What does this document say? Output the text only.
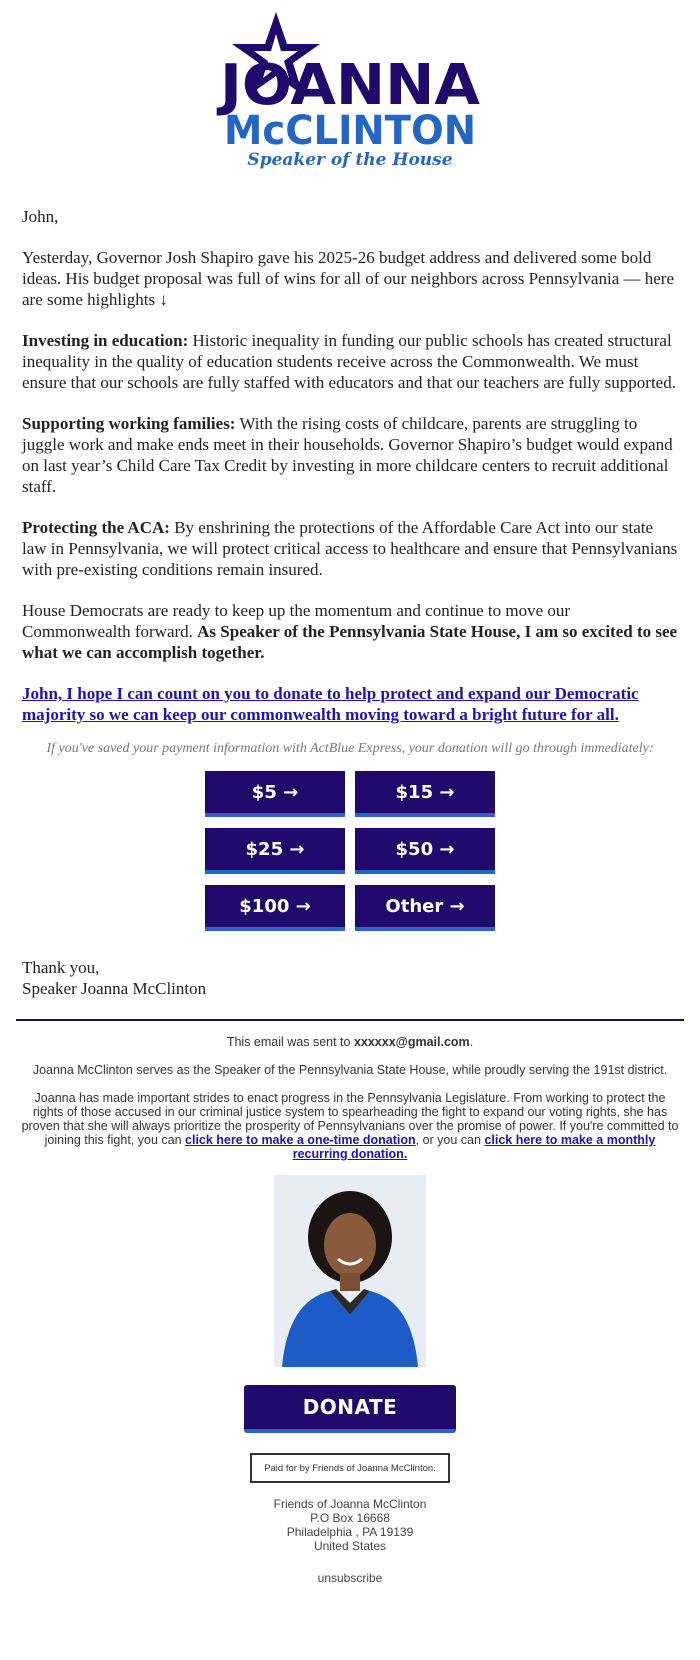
JOANNA
McCLINTON
Speaker of the House

John,

Yesterday, Governor Josh Shapiro gave his 2025-26 budget address and delivered some bold ideas. His budget proposal was full of wins for all of our neighbors across Pennsylvania — here are some highlights ↓

Investing in education: Historic inequality in funding our public schools has created structural inequality in the quality of education students receive across the Commonwealth. We must ensure that our schools are fully staffed with educators and that our teachers are fully supported.

Supporting working families: With the rising costs of childcare, parents are struggling to juggle work and make ends meet in their households. Governor Shapiro’s budget would expand on last year’s Child Care Tax Credit by investing in more childcare centers to recruit additional staff.

Protecting the ACA: By enshrining the protections of the Affordable Care Act into our state law in Pennsylvania, we will protect critical access to healthcare and ensure that Pennsylvanians with pre-existing conditions remain insured.

House Democrats are ready to keep up the momentum and continue to move our Commonwealth forward. As Speaker of the Pennsylvania State House, I am so excited to see what we can accomplish together.

John, I hope I can count on you to donate to help protect and expand our Democratic majority so we can keep our commonwealth moving toward a bright future for all.
If you've saved your payment information with ActBlue Express, your donation will go through immediately:
$5 →	$15 →
$25 →	$50 →
$100 →	Other →
Thank you,
Speaker Joanna McClinton

This email was sent to xxxxxx@gmail.com.

Joanna McClinton serves as the Speaker of the Pennsylvania State House, while proudly serving the 191st district.

Joanna has made important strides to enact progress in the Pennsylvania Legislature. From working to protect the rights of those accused in our criminal justice system to spearheading the fight to expand our voting rights, she has proven that she will always prioritize the prosperity of Pennsylvanians over the promise of power. If you're committed to joining this fight, you can click here to make a one-time donation, or you can click here to make a monthly recurring donation.

DONATE
Paid for by Friends of Joanna McClinton.
Friends of Joanna McClinton
P.O Box 16668
Philadelphia , PA 19139
United States
unsubscribe
